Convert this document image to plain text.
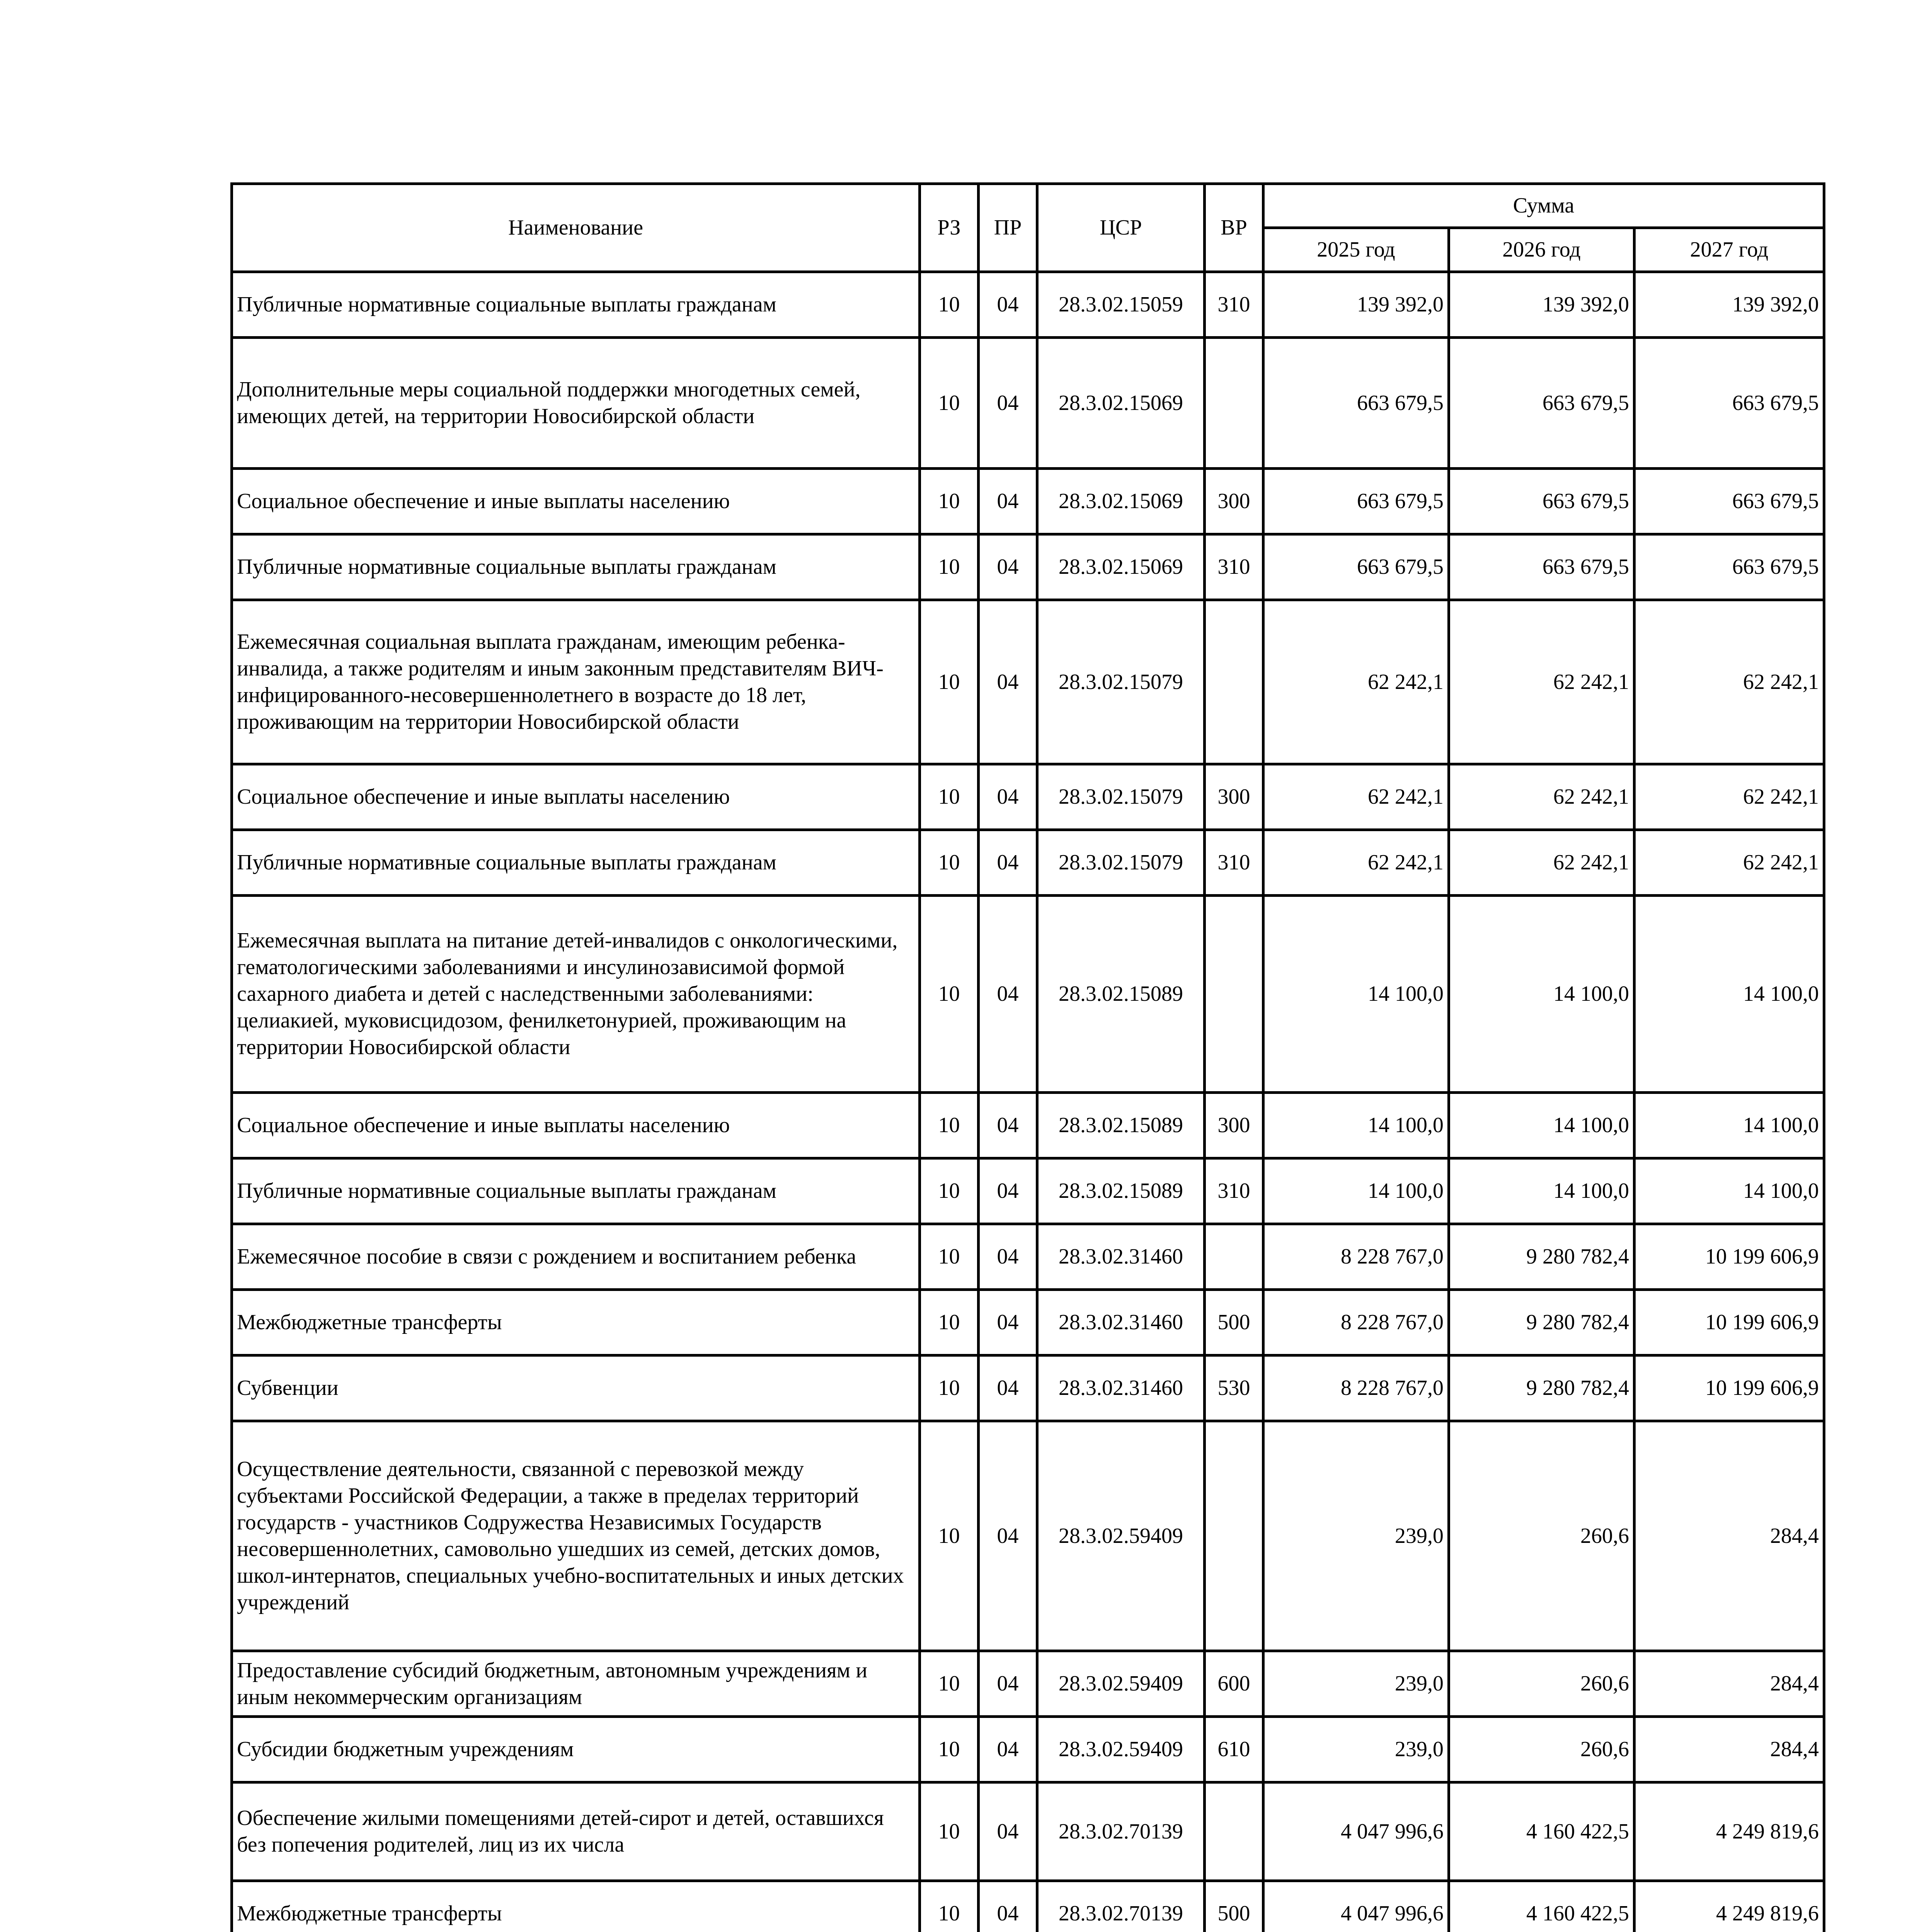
Наименование	РЗ	ПР	ЦСР	ВР	Сумма		
					2025 год	2026 год	2027 год
Публичные нормативные социальные выплаты гражданам	10	04	28.3.02.15059	310	139 392,0	139 392,0	139 392,0
Дополнительные меры социальной поддержки многодетных семей, имеющих детей, на территории Новосибирской области	10	04	28.3.02.15069		663 679,5	663 679,5	663 679,5
Социальное обеспечение и иные выплаты населению	10	04	28.3.02.15069	300	663 679,5	663 679,5	663 679,5
Публичные нормативные социальные выплаты гражданам	10	04	28.3.02.15069	310	663 679,5	663 679,5	663 679,5
Ежемесячная социальная выплата гражданам, имеющим ребенка-инвалида, а также родителям и иным законным представителям ВИЧ-инфицированного-несовершеннолетнего в возрасте до 18 лет, проживающим на территории Новосибирской области	10	04	28.3.02.15079		62 242,1	62 242,1	62 242,1
Социальное обеспечение и иные выплаты населению	10	04	28.3.02.15079	300	62 242,1	62 242,1	62 242,1
Публичные нормативные социальные выплаты гражданам	10	04	28.3.02.15079	310	62 242,1	62 242,1	62 242,1
Ежемесячная выплата на питание детей-инвалидов с онкологическими, гематологическими заболеваниями и инсулинозависимой формой сахарного диабета и детей с наследственными заболеваниями: целиакией, муковисцидозом, фенилкетонурией, проживающим на территории Новосибирской области	10	04	28.3.02.15089		14 100,0	14 100,0	14 100,0
Социальное обеспечение и иные выплаты населению	10	04	28.3.02.15089	300	14 100,0	14 100,0	14 100,0
Публичные нормативные социальные выплаты гражданам	10	04	28.3.02.15089	310	14 100,0	14 100,0	14 100,0
Ежемесячное пособие в связи с рождением и воспитанием ребенка	10	04	28.3.02.31460		8 228 767,0	9 280 782,4	10 199 606,9
Межбюджетные трансферты	10	04	28.3.02.31460	500	8 228 767,0	9 280 782,4	10 199 606,9
Субвенции	10	04	28.3.02.31460	530	8 228 767,0	9 280 782,4	10 199 606,9
Осуществление деятельности, связанной с перевозкой между субъектами Российской Федерации, а также в пределах территорий государств - участников Содружества Независимых Государств несовершеннолетних, самовольно ушедших из семей, детских домов, школ-интернатов, специальных учебно-воспитательных и иных детских учреждений	10	04	28.3.02.59409		239,0	260,6	284,4
Предоставление субсидий бюджетным, автономным учреждениям и иным некоммерческим организациям	10	04	28.3.02.59409	600	239,0	260,6	284,4
Субсидии бюджетным учреждениям	10	04	28.3.02.59409	610	239,0	260,6	284,4
Обеспечение жилыми помещениями детей-сирот и детей, оставшихся без попечения родителей, лиц из их числа	10	04	28.3.02.70139		4 047 996,6	4 160 422,5	4 249 819,6
Межбюджетные трансферты	10	04	28.3.02.70139	500	4 047 996,6	4 160 422,5	4 249 819,6
